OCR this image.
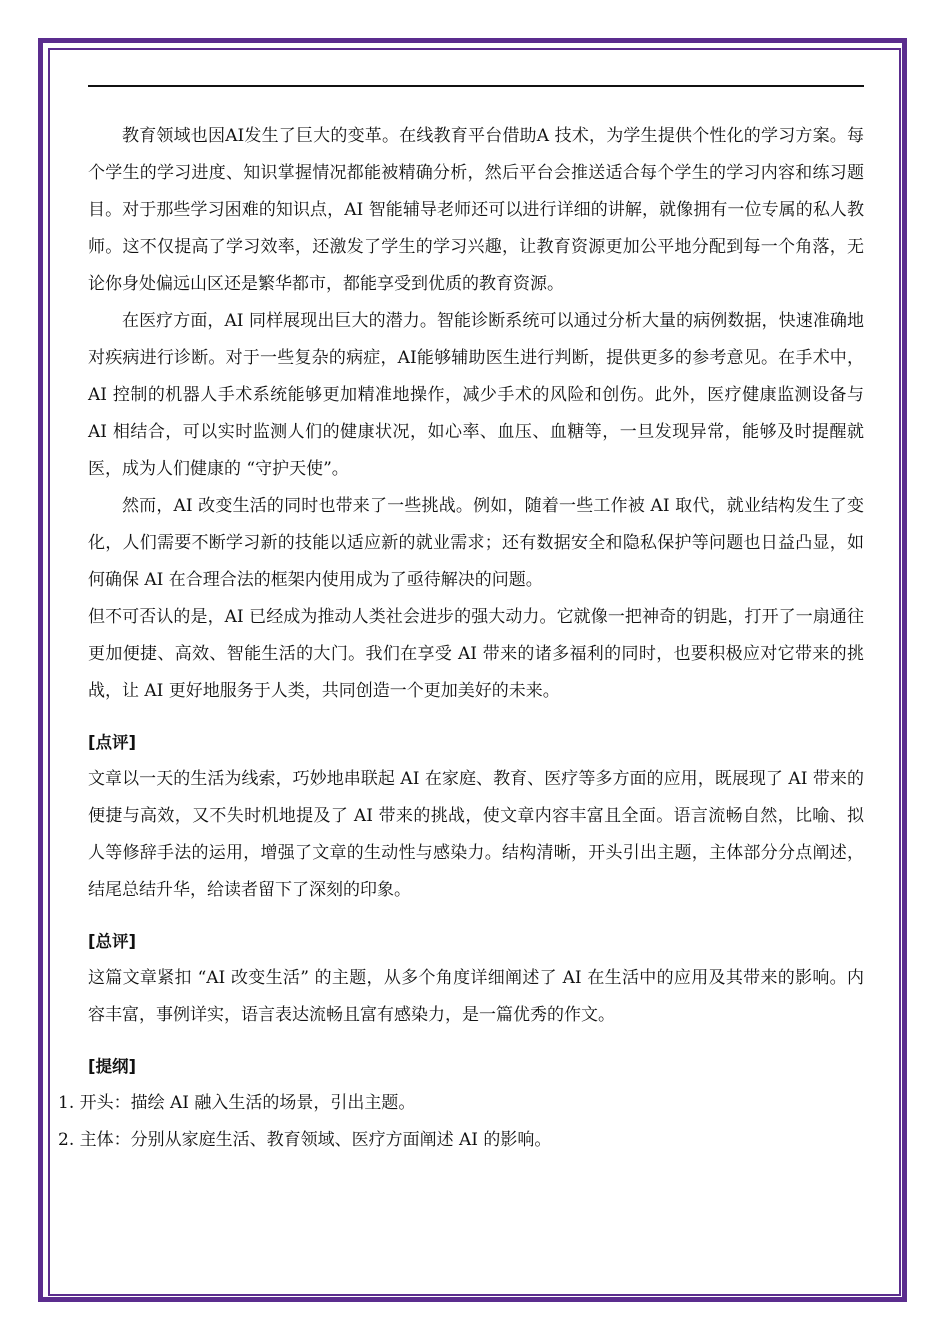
教育领域也因AI发生了巨大的变革。在线教育平台借助A 技术，为学生提供个性化的学习方案。每个学生的学习进度、知识掌握情况都能被精确分析，然后平台会推送适合每个学生的学习内容和练习题目。对于那些学习困难的知识点，AI 智能辅导老师还可以进行详细的讲解，就像拥有一位专属的私人教师。这不仅提高了学习效率，还激发了学生的学习兴趣，让教育资源更加公平地分配到每一个角落，无论你身处偏远山区还是繁华都市，都能享受到优质的教育资源。

在医疗方面，AI 同样展现出巨大的潜力。智能诊断系统可以通过分析大量的病例数据，快速准确地对疾病进行诊断。对于一些复杂的病症，AI能够辅助医生进行判断，提供更多的参考意见。在手术中，AI 控制的机器人手术系统能够更加精准地操作，减少手术的风险和创伤。此外，医疗健康监测设备与 AI 相结合，可以实时监测人们的健康状况，如心率、血压、血糖等，一旦发现异常，能够及时提醒就医，成为人们健康的 “守护天使”。

然而，AI 改变生活的同时也带来了一些挑战。例如，随着一些工作被 AI 取代，就业结构发生了变化，人们需要不断学习新的技能以适应新的就业需求；还有数据安全和隐私保护等问题也日益凸显，如何确保 AI 在合理合法的框架内使用成为了亟待解决的问题。

但不可否认的是，AI 已经成为推动人类社会进步的强大动力。它就像一把神奇的钥匙，打开了一扇通往更加便捷、高效、智能生活的大门。我们在享受 AI 带来的诸多福利的同时，也要积极应对它带来的挑战，让 AI 更好地服务于人类，共同创造一个更加美好的未来。

[点评]

文章以一天的生活为线索，巧妙地串联起 AI 在家庭、教育、医疗等多方面的应用，既展现了 AI 带来的便捷与高效，又不失时机地提及了 AI 带来的挑战，使文章内容丰富且全面。语言流畅自然，比喻、拟人等修辞手法的运用，增强了文章的生动性与感染力。结构清晰，开头引出主题，主体部分分点阐述，结尾总结升华，给读者留下了深刻的印象。

[总评]

这篇文章紧扣 “AI 改变生活” 的主题，从多个角度详细阐述了 AI 在生活中的应用及其带来的影响。内容丰富，事例详实，语言表达流畅且富有感染力，是一篇优秀的作文。

[提纲]

1. 开头：描绘 AI 融入生活的场景，引出主题。
2. 主体：分别从家庭生活、教育领域、医疗方面阐述 AI 的影响。
